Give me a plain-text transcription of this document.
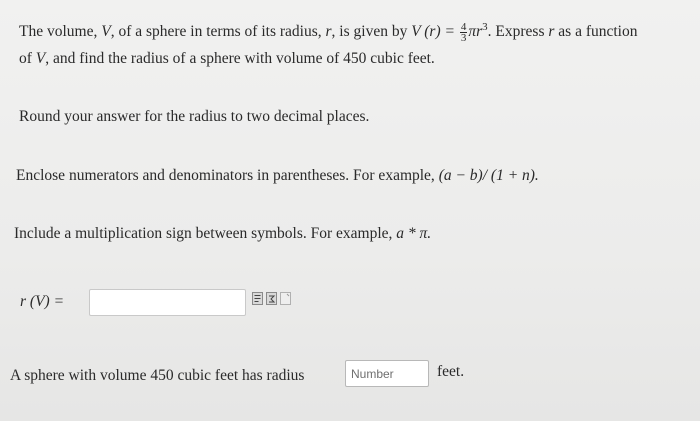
The volume, V, of a sphere in terms of its radius, r, is given by V $(r) = \frac{4}{3} \pi r^3$. Express r as a function
of V, and find the radius of a sphere with volume of 450 cubic feet.
Round your answer for the radius to two decimal places.
Enclose numerators and denominators in parentheses. For example, (a − b)/ (1 + n).
Include a multiplication sign between symbols. For example, a * π.
r (V) =
A sphere with volume 450 cubic feet has radius
Number	feet.
